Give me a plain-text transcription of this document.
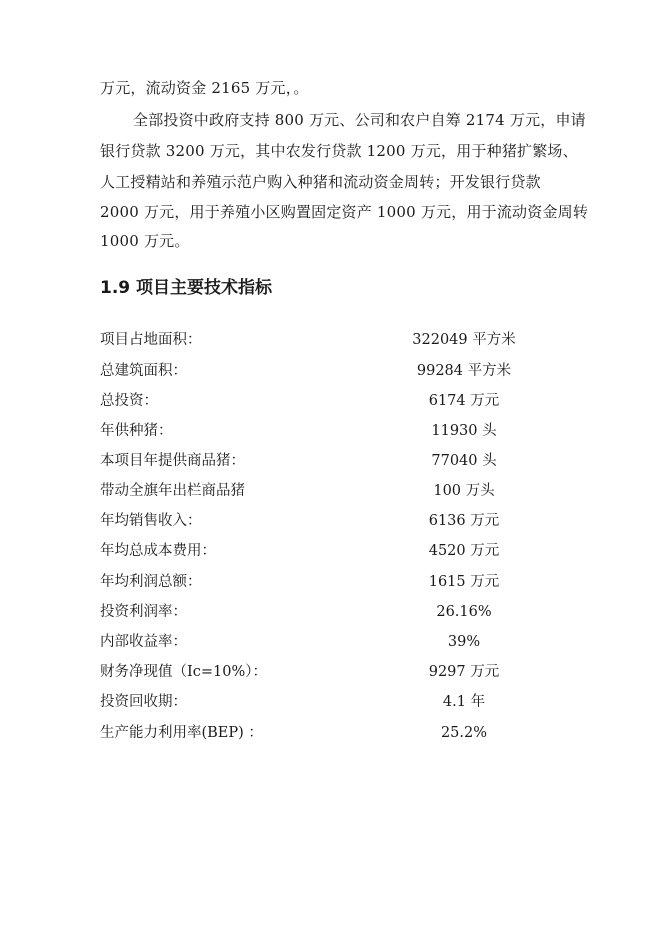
万元，流动资金 2165 万元，。
全部投资中政府支持 800 万元、公司和农户自筹 2174 万元，申请
银行贷款 3200 万元，其中农发行贷款 1200 万元，用于种猪扩繁场、
人工授精站和养殖示范户购入种猪和流动资金周转；开发银行贷款
2000 万元，用于养殖小区购置固定资产 1000 万元，用于流动资金周转
1000 万元。
1.9 项目主要技术指标
项目占地面积：	322049 平方米
总建筑面积：	99284 平方米
总投资：	6174 万元
年供种猪：	11930 头
本项目年提供商品猪：	77040 头
带动全旗年出栏商品猪	100 万头
年均销售收入：	6136 万元
年均总成本费用：	4520 万元
年均利润总额：	1615 万元
投资利润率：	26.16%
内部收益率：	39%
财务净现值（Ic=10%）：	9297 万元
投资回收期：	4.1 年
生产能力利用率(BEP) ：	25.2%
